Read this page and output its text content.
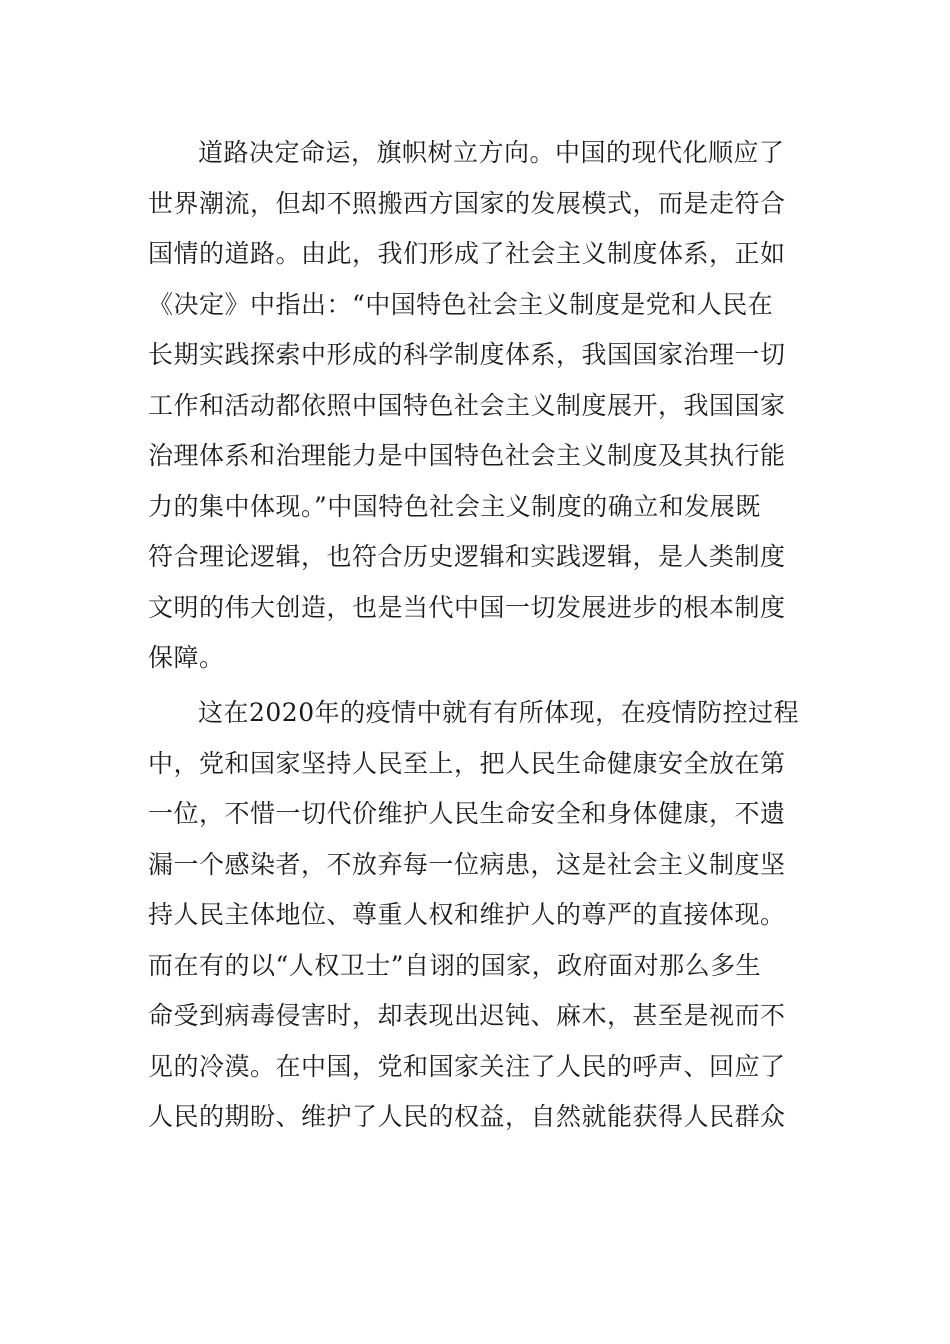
道路决定命运，旗帜树立方向。中国的现代化顺应了
世界潮流，但却不照搬西方国家的发展模式，而是走符合
国情的道路。由此，我们形成了社会主义制度体系，正如
《决定》中指出：“中国特色社会主义制度是党和人民在
长期实践探索中形成的科学制度体系，我国国家治理一切
工作和活动都依照中国特色社会主义制度展开，我国国家
治理体系和治理能力是中国特色社会主义制度及其执行能
力的集中体现。”中国特色社会主义制度的确立和发展既
符合理论逻辑，也符合历史逻辑和实践逻辑，是人类制度
文明的伟大创造，也是当代中国一切发展进步的根本制度
保障。
这在2020年的疫情中就有有所体现，在疫情防控过程
中，党和国家坚持人民至上，把人民生命健康安全放在第
一位，不惜一切代价维护人民生命安全和身体健康，不遗
漏一个感染者，不放弃每一位病患，这是社会主义制度坚
持人民主体地位、尊重人权和维护人的尊严的直接体现。
而在有的以“人权卫士”自诩的国家，政府面对那么多生
命受到病毒侵害时，却表现出迟钝、麻木，甚至是视而不
见的冷漠。在中国，党和国家关注了人民的呼声、回应了
人民的期盼、维护了人民的权益，自然就能获得人民群众
